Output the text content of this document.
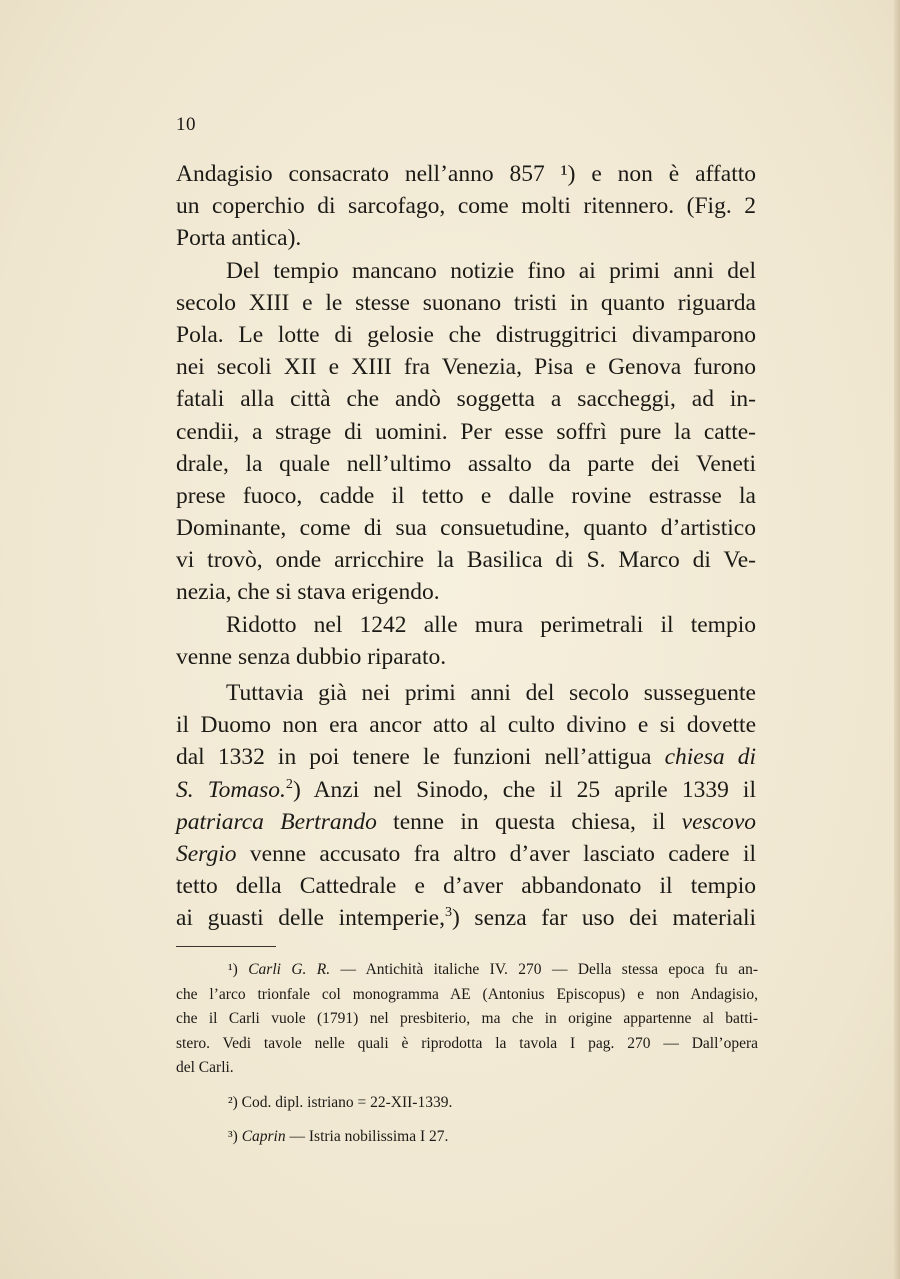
10
Andagisio consacrato nell’anno 857 ¹) e non è affatto
un coperchio di sarcofago, come molti ritennero. (Fig. 2
Porta antica).
Del tempio mancano notizie fino ai primi anni del
secolo XIII e le stesse suonano tristi in quanto riguarda
Pola. Le lotte di gelosie che distruggitrici divamparono
nei secoli XII e XIII fra Venezia, Pisa e Genova furono
fatali alla città che andò soggetta a saccheggi, ad in-
cendii, a strage di uomini. Per esse soffrì pure la catte-
drale, la quale nell’ultimo assalto da parte dei Veneti
prese fuoco, cadde il tetto e dalle rovine estrasse la
Dominante, come di sua consuetudine, quanto d’artistico
vi trovò, onde arricchire la Basilica di S. Marco di Ve-
nezia, che si stava erigendo.
Ridotto nel 1242 alle mura perimetrali il tempio
venne senza dubbio riparato.
Tuttavia già nei primi anni del secolo susseguente
il Duomo non era ancor atto al culto divino e si dovette
dal 1332 in poi tenere le funzioni nell’attigua chiesa di
S. Tomaso.$^2$) Anzi nel Sinodo, che il 25 aprile 1339 il
patriarca Bertrando tenne in questa chiesa, il vescovo
Sergio venne accusato fra altro d’aver lasciato cadere il
tetto della Cattedrale e d’aver abbandonato il tempio
ai guasti delle intemperie,$^3$) senza far uso dei materiali
¹) Carli G. R. — Antichità italiche IV. 270 — Della stessa epoca fu an-
che l’arco trionfale col monogramma AE (Antonius Episcopus) e non Andagisio,
che il Carli vuole (1791) nel presbiterio, ma che in origine appartenne al batti-
stero. Vedi tavole nelle quali è riprodotta la tavola I pag. 270 — Dall’opera
del Carli.
²) Cod. dipl. istriano = 22-XII-1339.
³) Caprin — Istria nobilissima I 27.
